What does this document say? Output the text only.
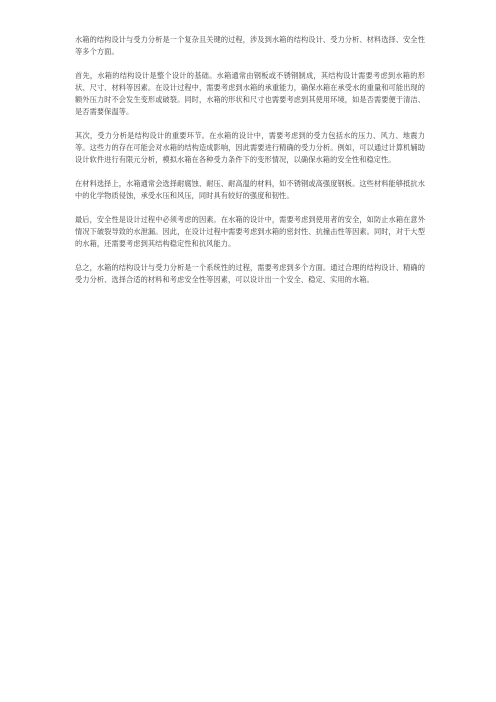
水箱的结构设计与受力分析是一个复杂且关键的过程，涉及到水箱的结构设计、受力分析、材料选择、安全性等多个方面。

首先，水箱的结构设计是整个设计的基础。水箱通常由钢板或不锈钢制成，其结构设计需要考虑到水箱的形状、尺寸、材料等因素。在设计过程中，需要考虑到水箱的承重能力，确保水箱在承受水的重量和可能出现的额外压力时不会发生变形或破裂。同时，水箱的形状和尺寸也需要考虑到其使用环境，如是否需要便于清洁、是否需要保温等。

其次，受力分析是结构设计的重要环节。在水箱的设计中，需要考虑到的受力包括水的压力、风力、地震力等。这些力的存在可能会对水箱的结构造成影响，因此需要进行精确的受力分析。例如，可以通过计算机辅助设计软件进行有限元分析，模拟水箱在各种受力条件下的变形情况，以确保水箱的安全性和稳定性。

在材料选择上，水箱通常会选择耐腐蚀、耐压、耐高温的材料，如不锈钢或高强度钢板。这些材料能够抵抗水中的化学物质侵蚀，承受水压和风压，同时具有较好的强度和韧性。

最后，安全性是设计过程中必须考虑的因素。在水箱的设计中，需要考虑到使用者的安全，如防止水箱在意外情况下破裂导致的水泄漏。因此，在设计过程中需要考虑到水箱的密封性、抗撞击性等因素。同时，对于大型的水箱，还需要考虑到其结构稳定性和抗风能力。

总之，水箱的结构设计与受力分析是一个系统性的过程，需要考虑到多个方面。通过合理的结构设计、精确的受力分析、选择合适的材料和考虑安全性等因素，可以设计出一个安全、稳定、实用的水箱。
